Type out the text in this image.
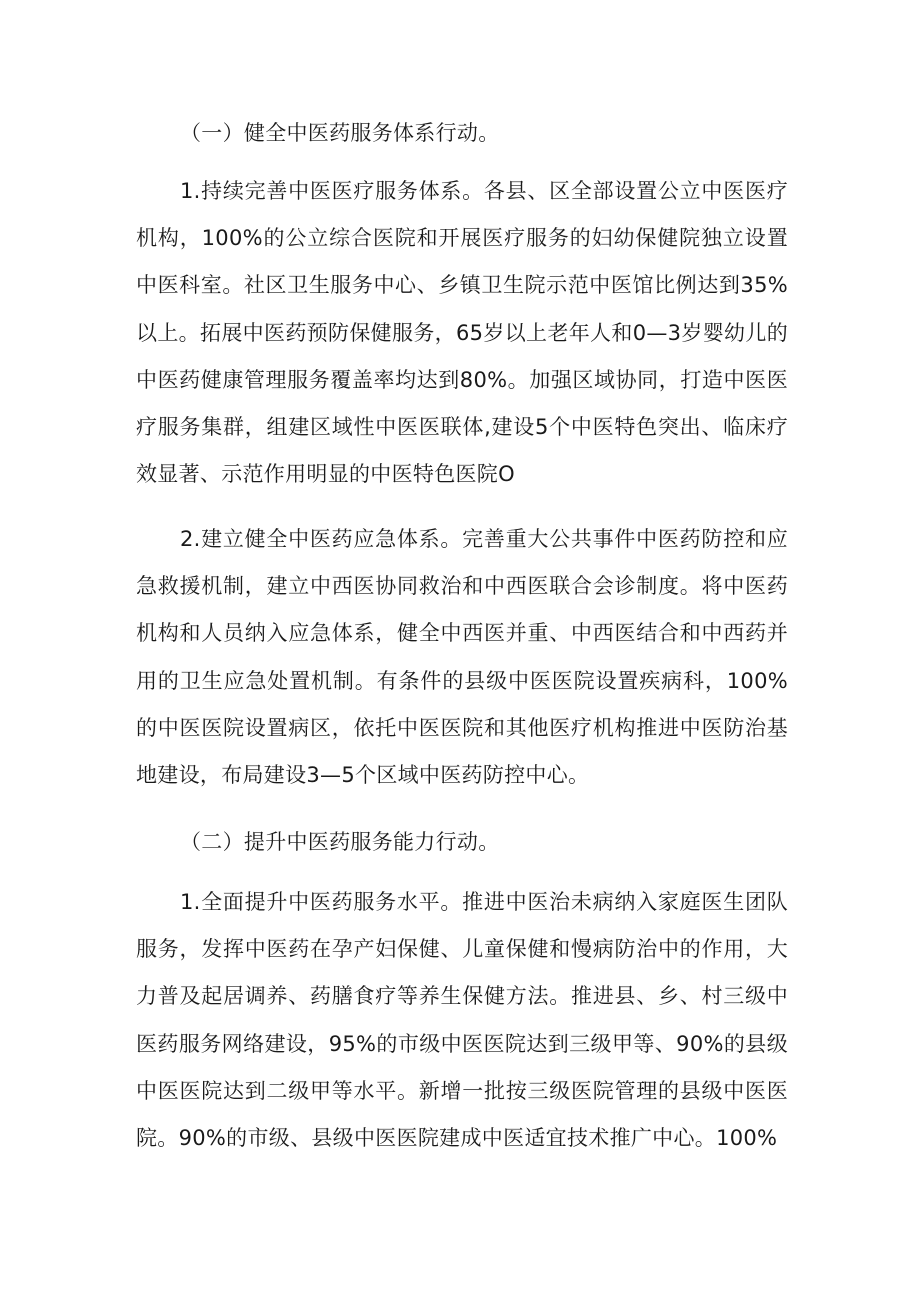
（一）健全中医药服务体系行动。

1.持续完善中医医疗服务体系。各县、区全部设置公立中医医疗机构，100%的公立综合医院和开展医疗服务的妇幼保健院独立设置中医科室。社区卫生服务中心、乡镇卫生院示范中医馆比例达到35%以上。拓展中医药预防保健服务，65岁以上老年人和0—3岁婴幼儿的中医药健康管理服务覆盖率均达到80%。加强区域协同，打造中医医疗服务集群，组建区域性中医医联体,建设5个中医特色突出、临床疗效显著、示范作用明显的中医特色医院O

2.建立健全中医药应急体系。完善重大公共事件中医药防控和应急救援机制，建立中西医协同救治和中西医联合会诊制度。将中医药机构和人员纳入应急体系，健全中西医并重、中西医结合和中西药并用的卫生应急处置机制。有条件的县级中医医院设置疾病科，100%的中医医院设置病区，依托中医医院和其他医疗机构推进中医防治基地建设，布局建设3—5个区域中医药防控中心。

（二）提升中医药服务能力行动。

1.全面提升中医药服务水平。推进中医治未病纳入家庭医生团队服务，发挥中医药在孕产妇保健、儿童保健和慢病防治中的作用，大力普及起居调养、药膳食疗等养生保健方法。推进县、乡、村三级中医药服务网络建设，95%的市级中医医院达到三级甲等、90%的县级中医医院达到二级甲等水平。新增一批按三级医院管理的县级中医医院。90%的市级、县级中医医院建成中医适宜技术推广中心。100%
